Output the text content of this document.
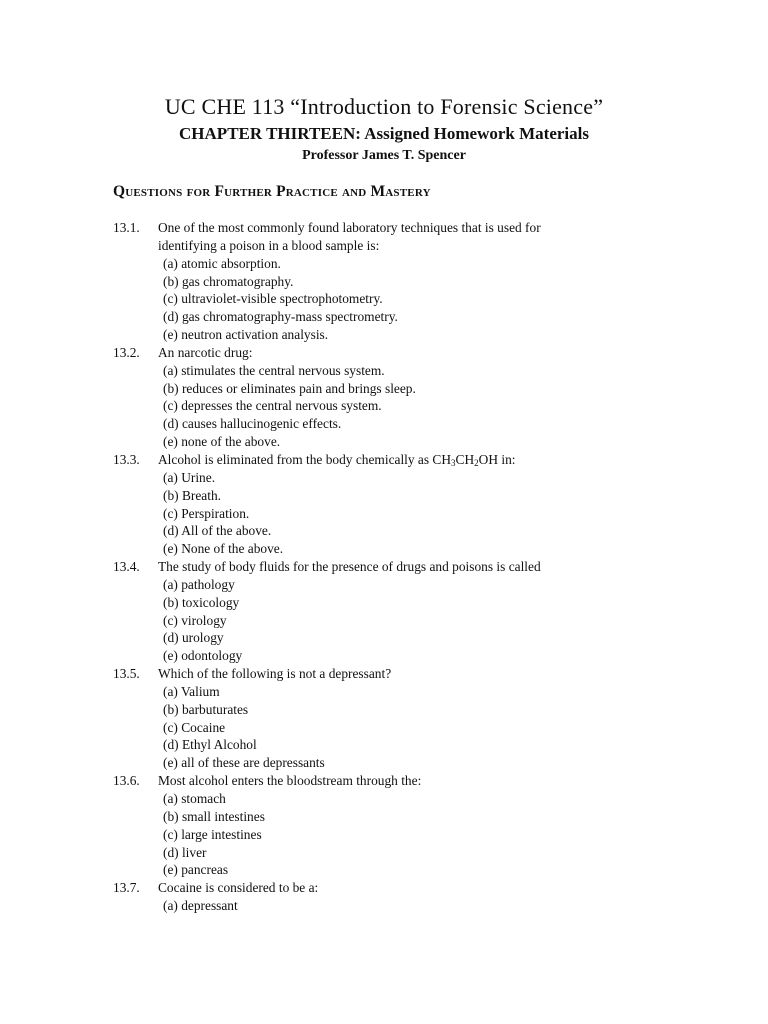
UC CHE 113 “Introduction to Forensic Science”
CHAPTER THIRTEEN: Assigned Homework Materials
Professor James T. Spencer
Questions for Further Practice and Mastery
13.1.	One of the most commonly found laboratory techniques that is used for
identifying a poison in a blood sample is:
(a) atomic absorption.
(b) gas chromatography.
(c) ultraviolet-visible spectrophotometry.
(d) gas chromatography-mass spectrometry.
(e) neutron activation analysis.
13.2.	An narcotic drug:
(a) stimulates the central nervous system.
(b) reduces or eliminates pain and brings sleep.
(c) depresses the central nervous system.
(d) causes hallucinogenic effects.
(e) none of the above.
13.3.	Alcohol is eliminated from the body chemically as $CH_3CH_2OH$ in:
(a) Urine.
(b) Breath.
(c) Perspiration.
(d) All of the above.
(e) None of the above.
13.4.	The study of body fluids for the presence of drugs and poisons is called
(a) pathology
(b) toxicology
(c) virology
(d) urology
(e) odontology
13.5.	Which of the following is not a depressant?
(a) Valium
(b) barbuturates
(c) Cocaine
(d) Ethyl Alcohol
(e) all of these are depressants
13.6.	Most alcohol enters the bloodstream through the:
(a) stomach
(b) small intestines
(c) large intestines
(d) liver
(e) pancreas
13.7.	Cocaine is considered to be a:
(a) depressant
